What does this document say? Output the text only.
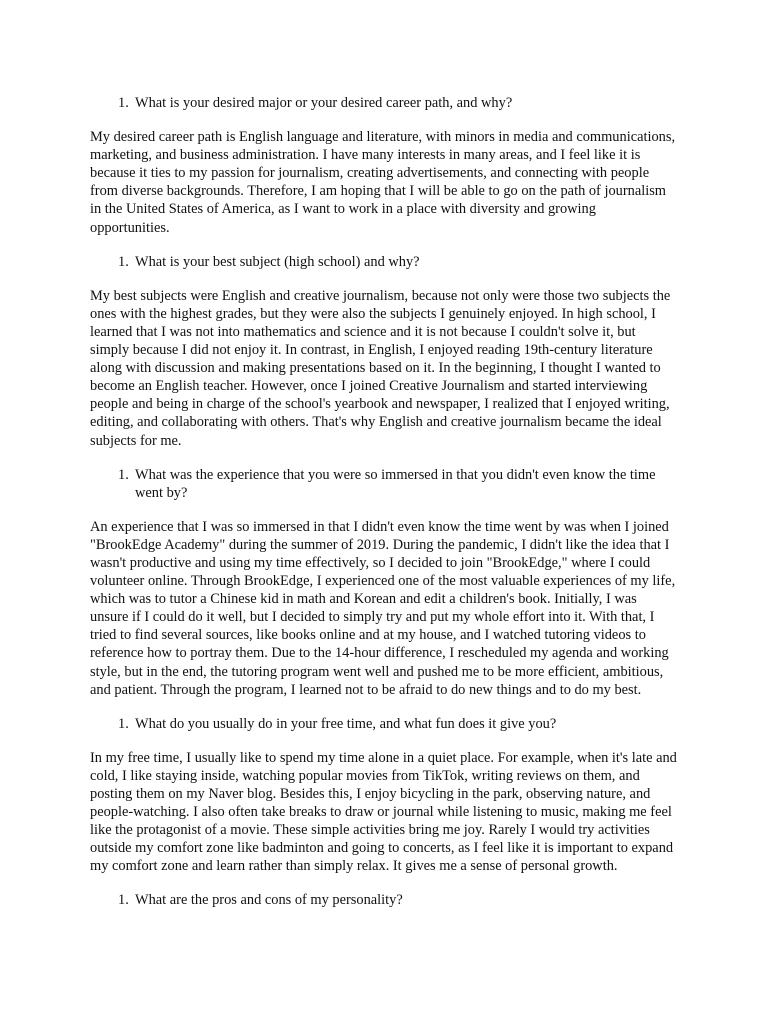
1. What is your desired major or your desired career path, and why?

My desired career path is English language and literature, with minors in media and communications, marketing, and business administration. I have many interests in many areas, and I feel like it is because it ties to my passion for journalism, creating advertisements, and connecting with people from diverse backgrounds. Therefore, I am hoping that I will be able to go on the path of journalism in the United States of America, as I want to work in a place with diversity and growing opportunities.

1. What is your best subject (high school) and why?

My best subjects were English and creative journalism, because not only were those two subjects the ones with the highest grades, but they were also the subjects I genuinely enjoyed. In high school, I learned that I was not into mathematics and science and it is not because I couldn't solve it, but simply because I did not enjoy it. In contrast, in English, I enjoyed reading 19th-century literature along with discussion and making presentations based on it. In the beginning, I thought I wanted to become an English teacher. However, once I joined Creative Journalism and started interviewing people and being in charge of the school's yearbook and newspaper, I realized that I enjoyed writing, editing, and collaborating with others. That's why English and creative journalism became the ideal subjects for me.

1. What was the experience that you were so immersed in that you didn't even know the time went by?

An experience that I was so immersed in that I didn't even know the time went by was when I joined "BrookEdge Academy" during the summer of 2019. During the pandemic, I didn't like the idea that I wasn't productive and using my time effectively, so I decided to join "BrookEdge," where I could volunteer online. Through BrookEdge, I experienced one of the most valuable experiences of my life, which was to tutor a Chinese kid in math and Korean and edit a children's book. Initially, I was unsure if I could do it well, but I decided to simply try and put my whole effort into it. With that, I tried to find several sources, like books online and at my house, and I watched tutoring videos to reference how to portray them. Due to the 14-hour difference, I rescheduled my agenda and working style, but in the end, the tutoring program went well and pushed me to be more efficient, ambitious, and patient. Through the program, I learned not to be afraid to do new things and to do my best.

1. What do you usually do in your free time, and what fun does it give you?

In my free time, I usually like to spend my time alone in a quiet place. For example, when it's late and cold, I like staying inside, watching popular movies from TikTok, writing reviews on them, and posting them on my Naver blog. Besides this, I enjoy bicycling in the park, observing nature, and people-watching. I also often take breaks to draw or journal while listening to music, making me feel like the protagonist of a movie. These simple activities bring me joy. Rarely I would try activities outside my comfort zone like badminton and going to concerts, as I feel like it is important to expand my comfort zone and learn rather than simply relax. It gives me a sense of personal growth.

1. What are the pros and cons of my personality?
